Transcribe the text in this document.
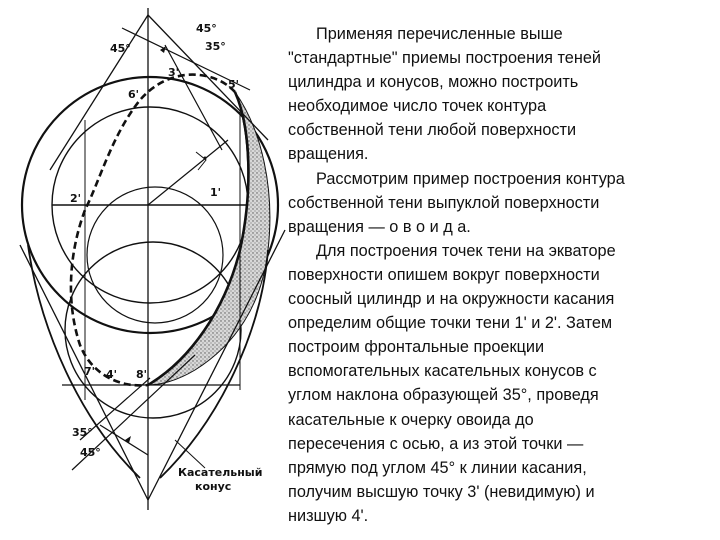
45°
45°	35°
3'
5'
6'
2'	1'
7' 4' 8'
35°
45°
Касательный
конус
Применяя перечисленные выше
"стандартные" приемы построения теней
цилиндра и конусов, можно построить
необходимое число точек контура
собственной тени любой поверхности
вращения.
Рассмотрим пример построения контура
собственной тени выпуклой поверхности
вращения — о в о и д а.
Для построения точек тени на экваторе
поверхности опишем вокруг поверхности
соосный цилиндр и на окружности касания
определим общие точки тени 1' и 2'. Затем
построим фронтальные проекции
вспомогательных касательных конусов с
углом наклона образующей 35°, проведя
касательные к очерку овоида до
пересечения с осью, а из этой точки —
прямую под углом 45° к линии касания,
получим высшую точку 3' (невидимую) и
низшую 4'.
